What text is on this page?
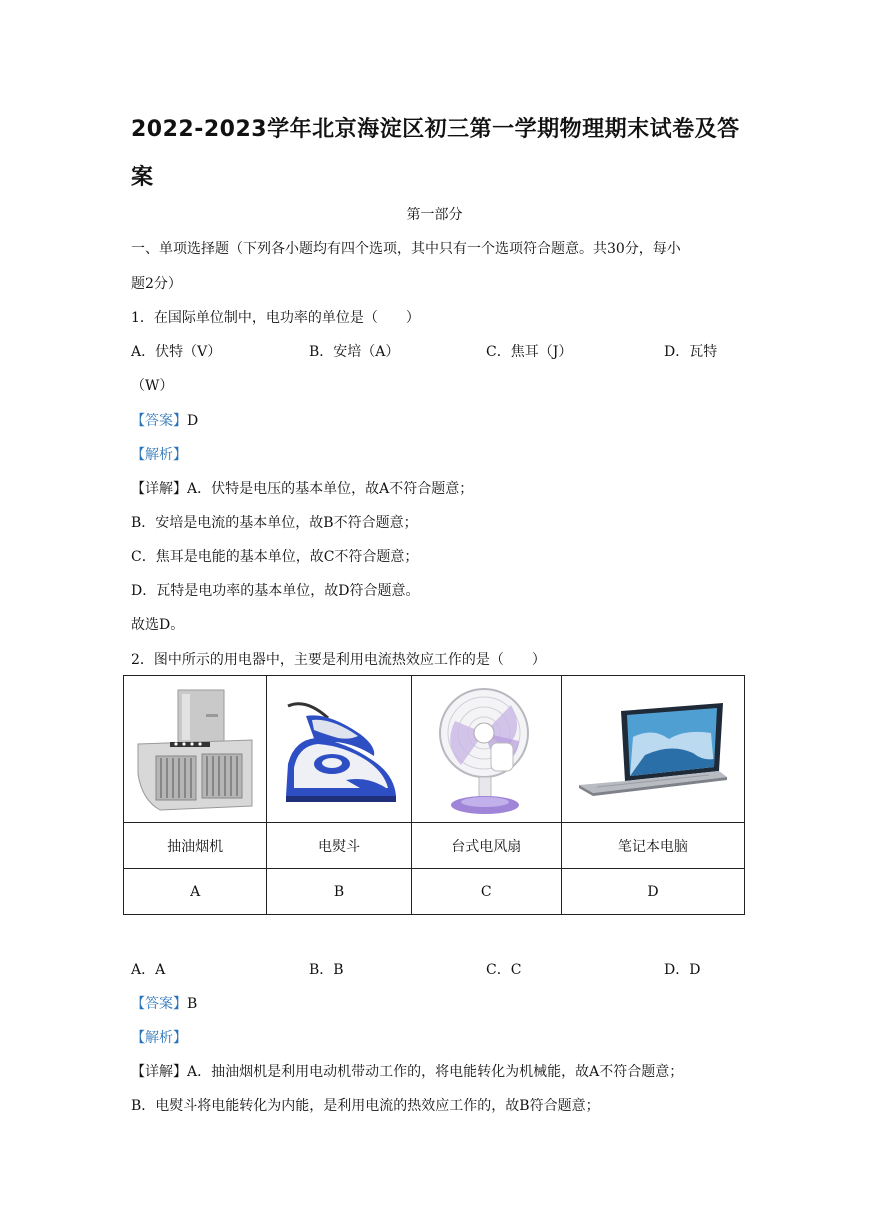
2022-2023学年北京海淀区初三第一学期物理期末试卷及答
案
第一部分
一、单项选择题（下列各小题均有四个选项，其中只有一个选项符合题意。共30分，每小
题2分）
1．在国际单位制中，电功率的单位是（　　）
A．伏特（V）	B．安培（A）	C．焦耳（J）	D．瓦特
（W）
【答案】D
【解析】
【详解】A．伏特是电压的基本单位，故A不符合题意；
B．安培是电流的基本单位，故B不符合题意；
C．焦耳是电能的基本单位，故C不符合题意；
D．瓦特是电功率的基本单位，故D符合题意。
故选D。
2．图中所示的用电器中，主要是利用电流热效应工作的是（　　）

抽油烟机	电熨斗	台式电风扇	笔记本电脑
A	B	C	D
A．A	B．B	C．C	D．D
【答案】B
【解析】
【详解】A．抽油烟机是利用电动机带动工作的，将电能转化为机械能，故A不符合题意；
B．电熨斗将电能转化为内能，是利用电流的热效应工作的，故B符合题意；
